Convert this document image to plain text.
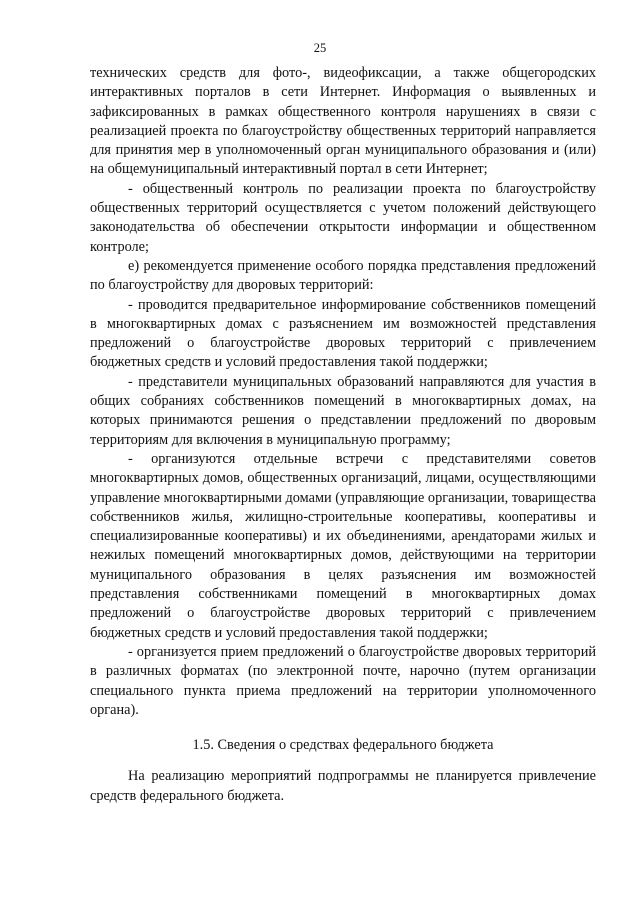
25

технических средств для фото-, видеофиксации, а также общегородских интерактивных порталов в сети Интернет. Информация о выявленных и зафиксированных в рамках общественного контроля нарушениях в связи с реализацией проекта по благоустройству общественных территорий направляется для принятия мер в уполномоченный орган муниципального образования и (или) на общемуниципальный интерактивный портал в сети Интернет;

- общественный контроль по реализации проекта по благоустройству общественных территорий осуществляется с учетом положений действующего законодательства об обеспечении открытости информации и общественном контроле;

е) рекомендуется применение особого порядка представления предложений по благоустройству для дворовых территорий:

- проводится предварительное информирование собственников помещений в многоквартирных домах с разъяснением им возможностей представления предложений о благоустройстве дворовых территорий с привлечением бюджетных средств и условий предоставления такой поддержки;

- представители муниципальных образований направляются для участия в общих собраниях собственников помещений в многоквартирных домах, на которых принимаются решения о представлении предложений по дворовым территориям для включения в муниципальную программу;

- организуются отдельные встречи с представителями советов многоквартирных домов, общественных организаций, лицами, осуществляющими управление многоквартирными домами (управляющие организации, товарищества собственников жилья, жилищно-строительные кооперативы, кооперативы и специализированные кооперативы) и их объединениями, арендаторами жилых и нежилых помещений многоквартирных домов, действующими на территории муниципального образования в целях разъяснения им возможностей представления собственниками помещений в многоквартирных домах предложений о благоустройстве дворовых территорий с привлечением бюджетных средств и условий предоставления такой поддержки;

- организуется прием предложений о благоустройстве дворовых территорий в различных форматах (по электронной почте, нарочно (путем организации специального пункта приема предложений на территории уполномоченного органа).

1.5. Сведения о средствах федерального бюджета

На реализацию мероприятий подпрограммы не планируется привлечение средств федерального бюджета.
